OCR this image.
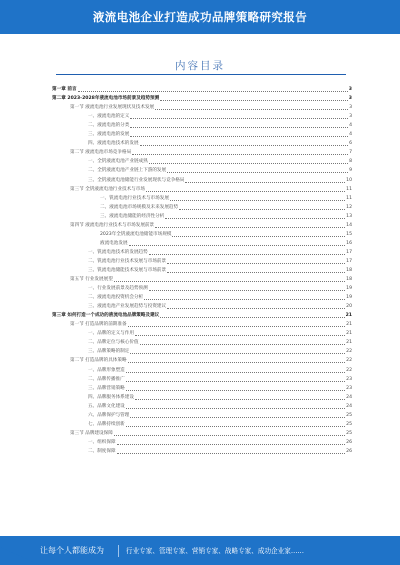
液流电池企业打造成功品牌策略研究报告
内容目录
第一章 前言	3
第二章 2023-2028年液流电池市场前景及趋势预测	3
第一节 液流电池行业发展现状及技术发展	3
一、液流电池的定义	3
二、液流电池的分类	4
三、液流电池的发展	4
四、液流电池技术的发展	6
第二节 液流电池市场竞争格局	7
一、全钒液流电池产业链成熟	8
二、全钒液流电池产业链上下游的发展	9
三、全钒液流电池储能行业发展现状与竞争格局	10
第三节 全钒液流电池行业技术与市场	11
一、钒流电池行业技术与市场发展	11
二、液流电池市场规模及未来发展趋势	12
三、液流电池储能的经济性分析	13
第四节 液流电池行业技术与市场发展前景	14
2023年全钒液流电池储能市场规模	15
液流电池发展	16
一、钒流电池技术的发展趋势	17
二、钒流电池行业技术发展与市场前景	17
三、钒流电池储能技术发展与市场前景	18
第五节 行业发展展望	18
一、行业发展前景及趋势预测	19
二、液流电池投资机会分析	19
三、液流电池产业发展趋势与投资建议	20
第三章 如何打造一个成功的液流电池品牌策略及建议	21
第一节 打造品牌的前期准备	21
一、品牌的定义与作用	21
二、品牌定位与核心价值	21
三、品牌策略的制定	22
第二节 打造品牌的具体策略	22
一、品牌形象塑造	22
二、品牌传播推广	23
三、品牌营销策略	23
四、品牌服务体系建设	24
五、品牌文化建设	24
六、品牌保护与管理	25
七、品牌持续创新	25
第三节 品牌建设保障	25
一、组织保障	26
二、制度保障	26
让每个人都能成为	行业专家、管理专家、营销专家、战略专家、成功企业家……
